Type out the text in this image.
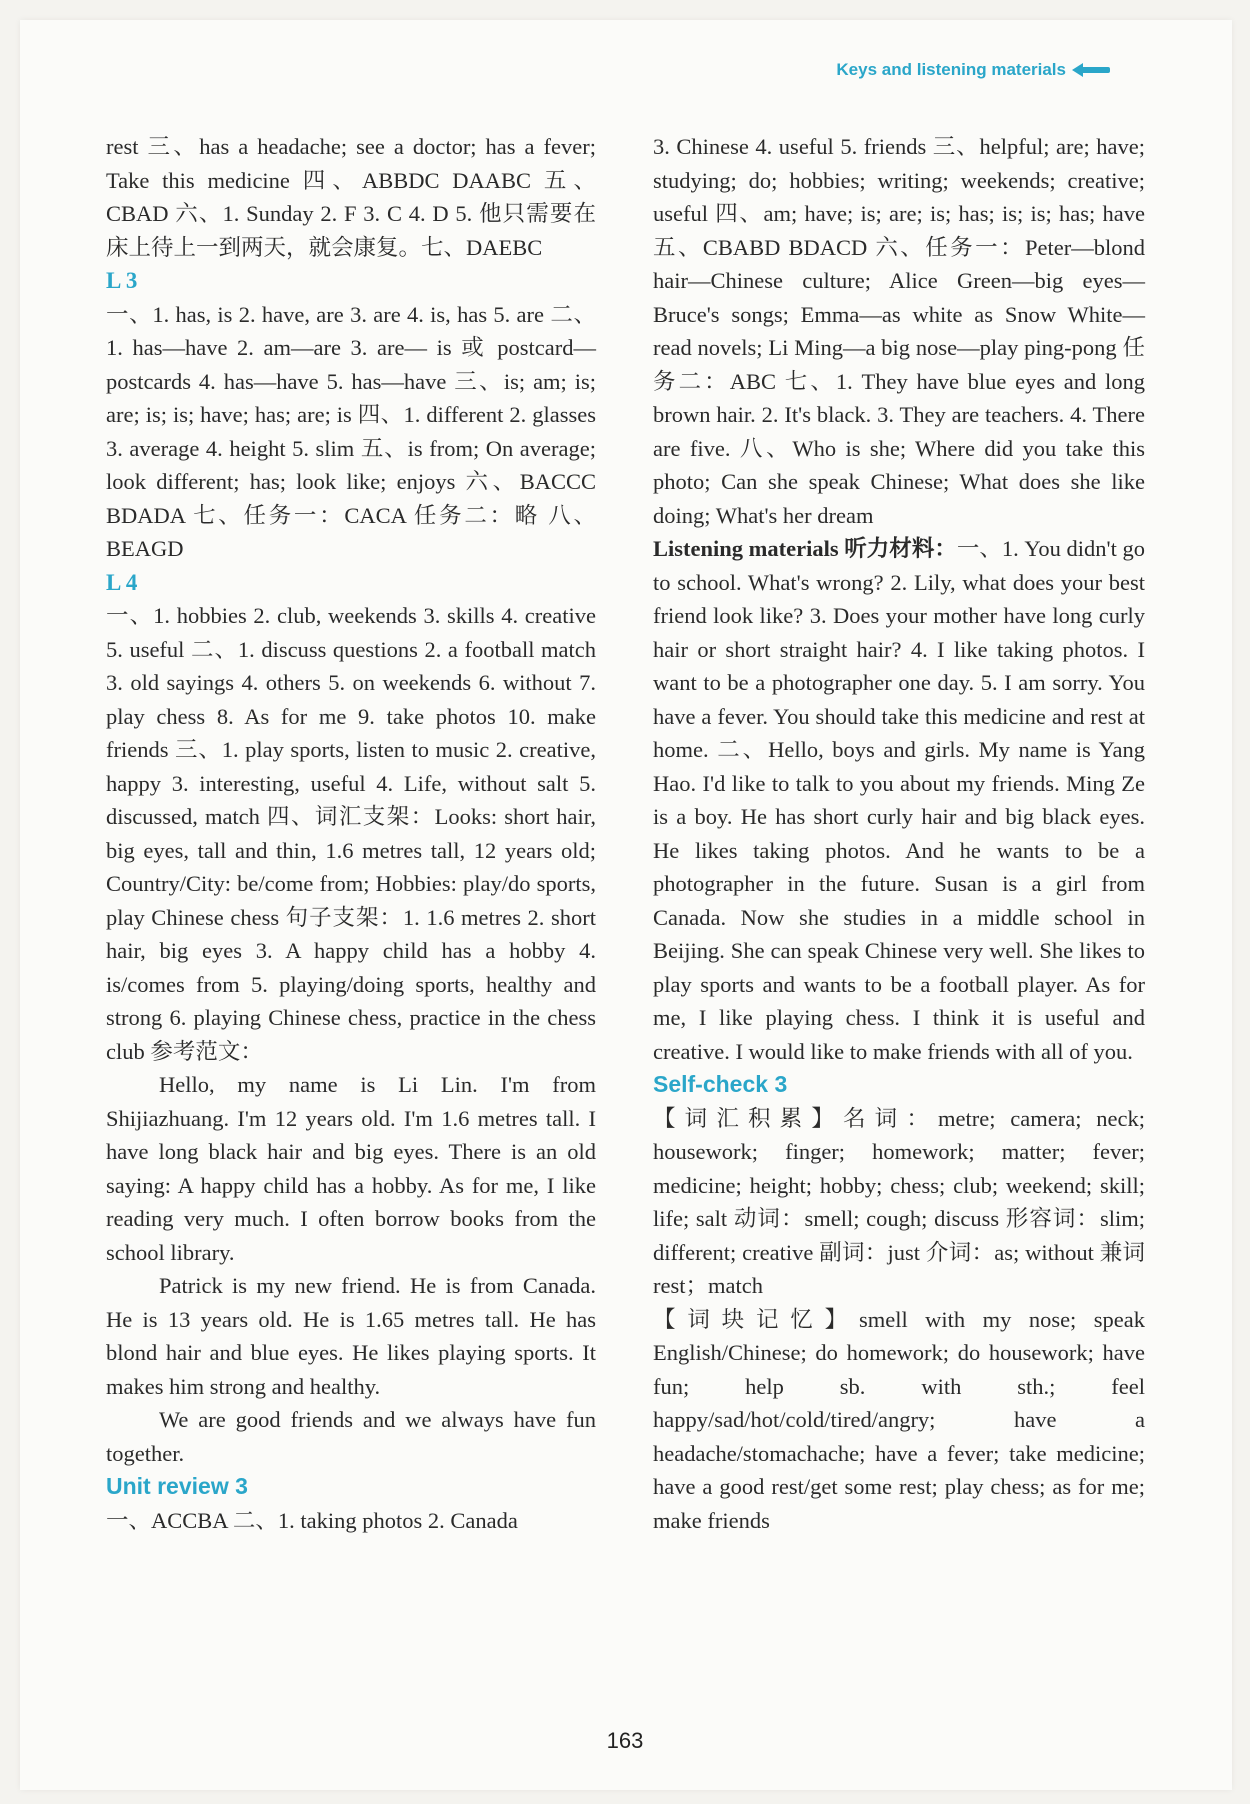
Keys and listening materials

rest 三、has a headache; see a doctor; has a fever; Take this medicine 四、ABBDC DAABC 五、CBAD 六、1. Sunday 2. F 3. C 4. D 5. 他只需要在床上待上一到两天，就会康复。七、DAEBC

L 3

一、1. has, is 2. have, are 3. are 4. is, has 5. are 二、1. has—have 2. am—are 3. are— is 或 postcard—postcards 4. has—have 5. has—have 三、is; am; is; are; is; is; have; has; are; is 四、1. different 2. glasses 3. average 4. height 5. slim 五、is from; On average; look different; has; look like; enjoys 六、BACCC BDADA 七、任务一：CACA 任务二：略 八、BEAGD

L 4

一、1. hobbies 2. club, weekends 3. skills 4. creative 5. useful 二、1. discuss questions 2. a football match 3. old sayings 4. others 5. on weekends 6. without 7. play chess 8. As for me 9. take photos 10. make friends 三、1. play sports, listen to music 2. creative, happy 3. interesting, useful 4. Life, without salt 5. discussed, match 四、词汇支架：Looks: short hair, big eyes, tall and thin, 1.6 metres tall, 12 years old; Country/City: be/come from; Hobbies: play/do sports, play Chinese chess 句子支架：1. 1.6 metres 2. short hair, big eyes 3. A happy child has a hobby 4. is/comes from 5. playing/doing sports, healthy and strong 6. playing Chinese chess, practice in the chess club 参考范文：

Hello, my name is Li Lin. I'm from Shijiazhuang. I'm 12 years old. I'm 1.6 metres tall. I have long black hair and big eyes. There is an old saying: A happy child has a hobby. As for me, I like reading very much. I often borrow books from the school library.

Patrick is my new friend. He is from Canada. He is 13 years old. He is 1.65 metres tall. He has blond hair and blue eyes. He likes playing sports. It makes him strong and healthy.

We are good friends and we always have fun together.

Unit review 3

一、ACCBA 二、1. taking photos 2. Canada

3. Chinese 4. useful 5. friends 三、helpful; are; have; studying; do; hobbies; writing; weekends; creative; useful 四、am; have; is; are; is; has; is; is; has; have 五、CBABD BDACD 六、任务一：Peter—blond hair—Chinese culture; Alice Green—big eyes—Bruce's songs; Emma—as white as Snow White—read novels; Li Ming—a big nose—play ping-pong 任务二：ABC 七、1. They have blue eyes and long brown hair. 2. It's black. 3. They are teachers. 4. There are five. 八、Who is she; Where did you take this photo; Can she speak Chinese; What does she like doing; What's her dream

Listening materials 听力材料：一、1. You didn't go to school. What's wrong? 2. Lily, what does your best friend look like? 3. Does your mother have long curly hair or short straight hair? 4. I like taking photos. I want to be a photographer one day. 5. I am sorry. You have a fever. You should take this medicine and rest at home. 二、Hello, boys and girls. My name is Yang Hao. I'd like to talk to you about my friends. Ming Ze is a boy. He has short curly hair and big black eyes. He likes taking photos. And he wants to be a photographer in the future. Susan is a girl from Canada. Now she studies in a middle school in Beijing. She can speak Chinese very well. She likes to play sports and wants to be a football player. As for me, I like playing chess. I think it is useful and creative. I would like to make friends with all of you.

Self-check 3

【词汇积累】名词：metre; camera; neck; housework; finger; homework; matter; fever; medicine; height; hobby; chess; club; weekend; skill; life; salt 动词：smell; cough; discuss 形容词：slim; different; creative 副词：just 介词：as; without 兼词 rest；match

【词块记忆】smell with my nose; speak English/Chinese; do homework; do housework; have fun; help sb. with sth.; feel happy/sad/hot/cold/tired/angry; have a headache/stomachache; have a fever; take medicine; have a good rest/get some rest; play chess; as for me; make friends

163
